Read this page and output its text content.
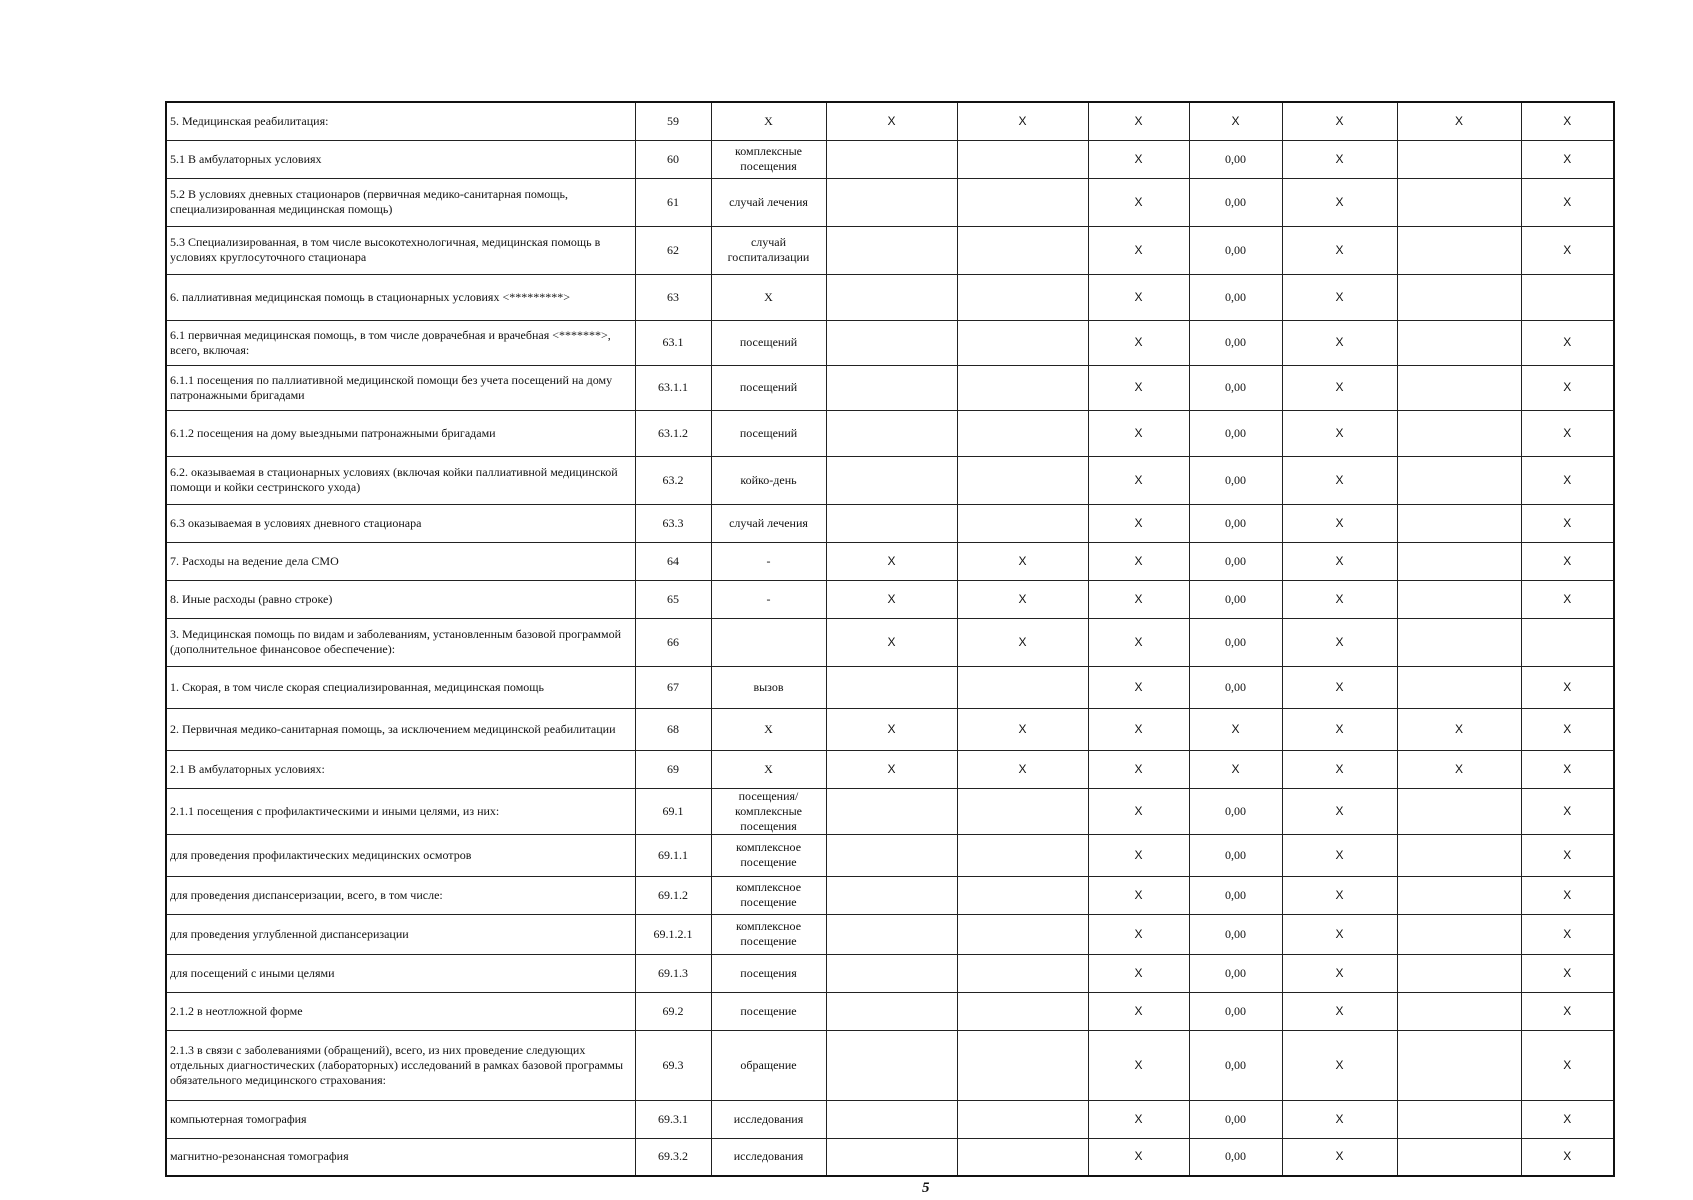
5. Медицинская реабилитация:	59	X	X	X	X	X	X	X	X
5.1 В амбулаторных условиях	60	комплексные посещения			X	0,00	X		X
5.2 В условиях дневных стационаров (первичная медико-санитарная помощь, специализированная медицинская помощь)	61	случай лечения			X	0,00	X		X
5.3 Специализированная, в том числе высокотехнологичная, медицинская помощь в условиях круглосуточного стационара	62	случай госпитализации			X	0,00	X		X
6. паллиативная медицинская помощь в стационарных условиях <*********>	63	X			X	0,00	X		
6.1 первичная медицинская помощь, в том числе доврачебная и врачебная <*******>, всего, включая:	63.1	посещений			X	0,00	X		X
6.1.1 посещения по паллиативной медицинской помощи без учета посещений на дому патронажными бригадами	63.1.1	посещений			X	0,00	X		X
6.1.2 посещения на дому выездными патронажными бригадами	63.1.2	посещений			X	0,00	X		X
6.2. оказываемая в стационарных условиях (включая койки паллиативной медицинской помощи и койки сестринского ухода)	63.2	койко-день			X	0,00	X		X
6.3 оказываемая в условиях дневного стационара	63.3	случай лечения			X	0,00	X		X
7. Расходы на ведение дела СМО	64	-	X	X	X	0,00	X		X
8. Иные расходы (равно строке)	65	-	X	X	X	0,00	X		X
3. Медицинская помощь по видам и заболеваниям, установленным базовой программой (дополнительное финансовое обеспечение):	66		X	X	X	0,00	X		
1. Скорая, в том числе скорая специализированная, медицинская помощь	67	вызов			X	0,00	X		X
2. Первичная медико-санитарная помощь, за исключением медицинской реабилитации	68	X	X	X	X	X	X	X	X
2.1 В амбулаторных условиях:	69	X	X	X	X	X	X	X	X
2.1.1 посещения с профилактическими и иными целями, из них:	69.1	посещения/ комплексные посещения			X	0,00	X		X
для проведения профилактических медицинских осмотров	69.1.1	комплексное посещение			X	0,00	X		X
для проведения диспансеризации, всего, в том числе:	69.1.2	комплексное посещение			X	0,00	X		X
для проведения углубленной диспансеризации	69.1.2.1	комплексное посещение			X	0,00	X		X
для посещений с иными целями	69.1.3	посещения			X	0,00	X		X
2.1.2 в неотложной форме	69.2	посещение			X	0,00	X		X
2.1.3 в связи с заболеваниями (обращений), всего, из них проведение следующих отдельных диагностических (лабораторных) исследований в рамках базовой программы обязательного медицинского страхования:	69.3	обращение			X	0,00	X		X
компьютерная томография	69.3.1	исследования			X	0,00	X		X
магнитно-резонансная томография	69.3.2	исследования			X	0,00	X		X
5
